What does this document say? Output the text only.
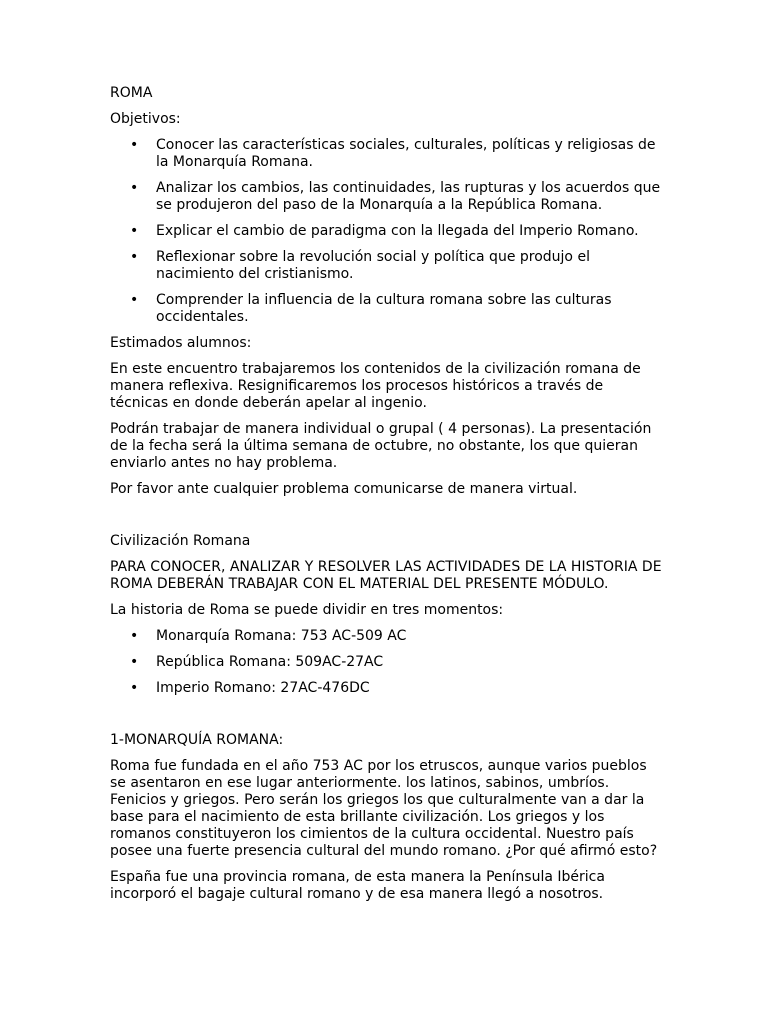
ROMA

Objetivos:

• Conocer las características sociales, culturales, políticas y religiosas de la Monarquía Romana.
• Analizar los cambios, las continuidades, las rupturas y los acuerdos que se produjeron del paso de la Monarquía a la República Romana.
• Explicar el cambio de paradigma con la llegada del Imperio Romano.
• Reflexionar sobre la revolución social y política que produjo el nacimiento del cristianismo.
• Comprender la influencia de la cultura romana sobre las culturas occidentales.

Estimados alumnos:

En este encuentro trabajaremos los contenidos de la civilización romana de manera reflexiva. Resignificaremos los procesos históricos a través de técnicas en donde deberán apelar al ingenio.

Podrán trabajar de manera individual o grupal ( 4 personas). La presentación de la fecha será la última semana de octubre, no obstante, los que quieran enviarlo antes no hay problema.

Por favor ante cualquier problema comunicarse de manera virtual.

Civilización Romana

PARA CONOCER, ANALIZAR Y RESOLVER LAS ACTIVIDADES DE LA HISTORIA DE ROMA DEBERÁN TRABAJAR CON EL MATERIAL DEL PRESENTE MÓDULO.

La historia de Roma se puede dividir en tres momentos:

• Monarquía Romana: 753 AC-509 AC
• República Romana: 509AC-27AC
• Imperio Romano: 27AC-476DC

1-MONARQUÍA ROMANA:

Roma fue fundada en el año 753 AC por los etruscos, aunque varios pueblos se asentaron en ese lugar anteriormente. los latinos, sabinos, umbríos. Fenicios y griegos. Pero serán los griegos los que culturalmente van a dar la base para el nacimiento de esta brillante civilización. Los griegos y los romanos constituyeron los cimientos de la cultura occidental. Nuestro país posee una fuerte presencia cultural del mundo romano. ¿Por qué afirmó esto?

España fue una provincia romana, de esta manera la Península Ibérica incorporó el bagaje cultural romano y de esa manera llegó a nosotros.
